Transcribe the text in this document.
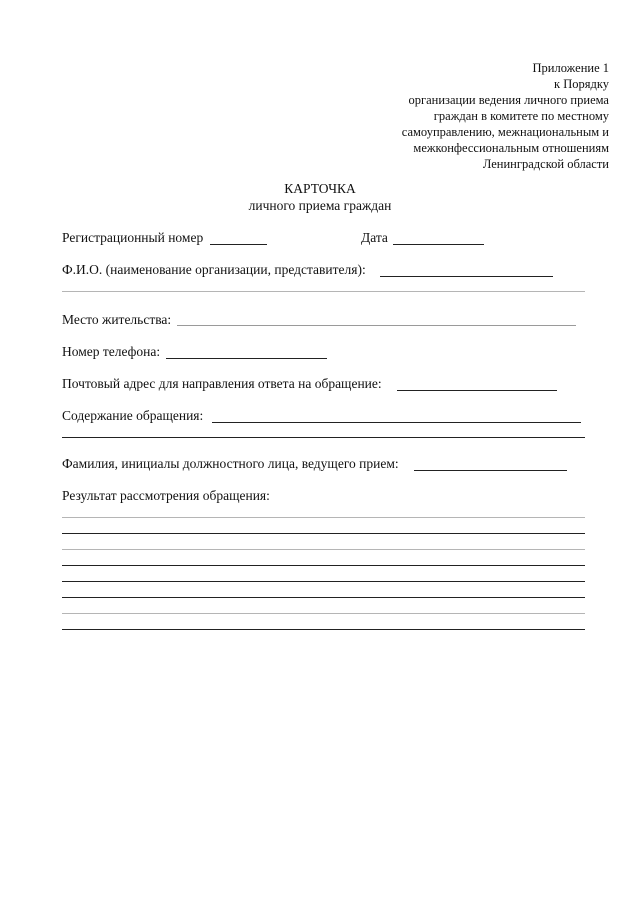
Приложение 1
к Порядку
организации ведения личного приема
граждан в комитете по местному
самоуправлению, межнациональным и
межконфессиональным отношениям
Ленинградской области
КАРТОЧКА
личного приема граждан
Регистрационный номер	Дата
Ф.И.О. (наименование организации, представителя):
Место жительства:
Номер телефона:
Почтовый адрес для направления ответа на обращение:
Содержание обращения:
Фамилия, инициалы должностного лица, ведущего прием:
Результат рассмотрения обращения:
